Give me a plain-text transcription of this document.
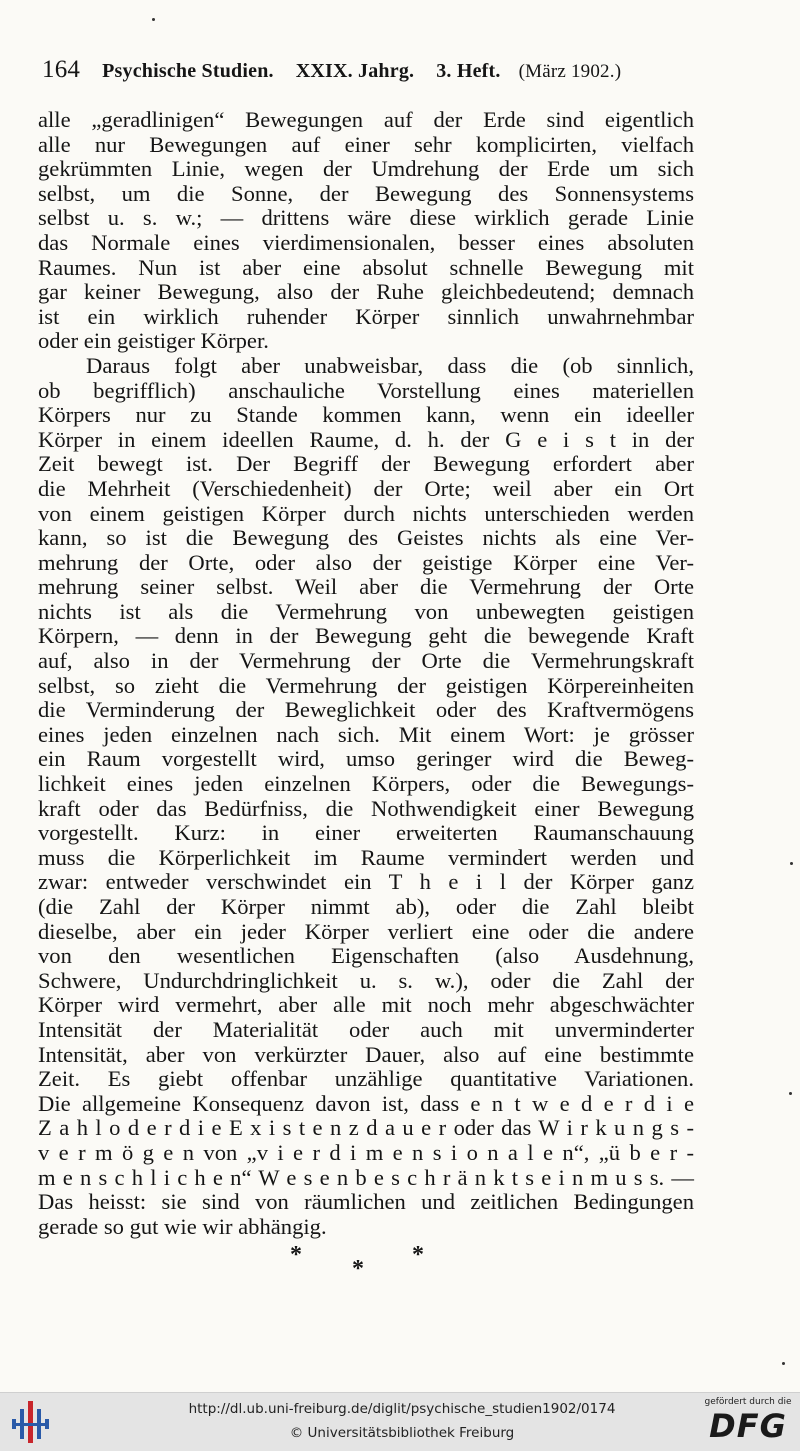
164 Psychische Studien. XXIX. Jahrg. 3. Heft. (März 1902.)
alle „geradlinigen“ Bewegungen auf der Erde sind eigentlich
alle nur Bewegungen auf einer sehr komplicirten, vielfach
gekrümmten Linie, wegen der Umdrehung der Erde um sich
selbst, um die Sonne, der Bewegung des Sonnensystems
selbst u. s. w.; — drittens wäre diese wirklich gerade Linie
das Normale eines vierdimensionalen, besser eines absoluten
Raumes. Nun ist aber eine absolut schnelle Bewegung mit
gar keiner Bewegung, also der Ruhe gleichbedeutend; demnach
ist ein wirklich ruhender Körper sinnlich unwahrnehmbar
oder ein geistiger Körper.
Daraus folgt aber unabweisbar, dass die (ob sinnlich,
ob begrifflich) anschauliche Vorstellung eines materiellen
Körpers nur zu Stande kommen kann, wenn ein ideeller
Körper in einem ideellen Raume, d. h. der G e i s t in der
Zeit bewegt ist. Der Begriff der Bewegung erfordert aber
die Mehrheit (Verschiedenheit) der Orte; weil aber ein Ort
von einem geistigen Körper durch nichts unterschieden werden
kann, so ist die Bewegung des Geistes nichts als eine Ver-
mehrung der Orte, oder also der geistige Körper eine Ver-
mehrung seiner selbst. Weil aber die Vermehrung der Orte
nichts ist als die Vermehrung von unbewegten geistigen
Körpern, — denn in der Bewegung geht die bewegende Kraft
auf, also in der Vermehrung der Orte die Vermehrungskraft
selbst, so zieht die Vermehrung der geistigen Körpereinheiten
die Verminderung der Beweglichkeit oder des Kraftvermögens
eines jeden einzelnen nach sich. Mit einem Wort: je grösser
ein Raum vorgestellt wird, umso geringer wird die Beweg-
lichkeit eines jeden einzelnen Körpers, oder die Bewegungs-
kraft oder das Bedürfniss, die Nothwendigkeit einer Bewegung
vorgestellt. Kurz: in einer erweiterten Raumanschauung
muss die Körperlichkeit im Raume vermindert werden und
zwar: entweder verschwindet ein T h e i l der Körper ganz
(die Zahl der Körper nimmt ab), oder die Zahl bleibt
dieselbe, aber ein jeder Körper verliert eine oder die andere
von den wesentlichen Eigenschaften (also Ausdehnung,
Schwere, Undurchdringlichkeit u. s. w.), oder die Zahl der
Körper wird vermehrt, aber alle mit noch mehr abgeschwächter
Intensität der Materialität oder auch mit unverminderter
Intensität, aber von verkürzter Dauer, also auf eine bestimmte
Zeit. Es giebt offenbar unzählige quantitative Variationen.
Die allgemeine Konsequenz davon ist, dass e n t w e d e r d i e
Z a h l o d e r d i e E x i s t e n z d a u e r oder das W i r k u n g s -
v e r m ö g e n von „v i e r d i m e n s i o n a l e n“, „ü b e r -
m e n s c h l i c h e n“ W e s e n b e s c h r ä n k t s e i n m u s s. —
Das heisst: sie sind von räumlichen und zeitlichen Bedingungen
gerade so gut wie wir abhängig.
*
*
*
http://dl.ub.uni-freiburg.de/diglit/psychische_studien1902/0174
© Universitätsbibliothek Freiburg
gefördert durch die
DFG
